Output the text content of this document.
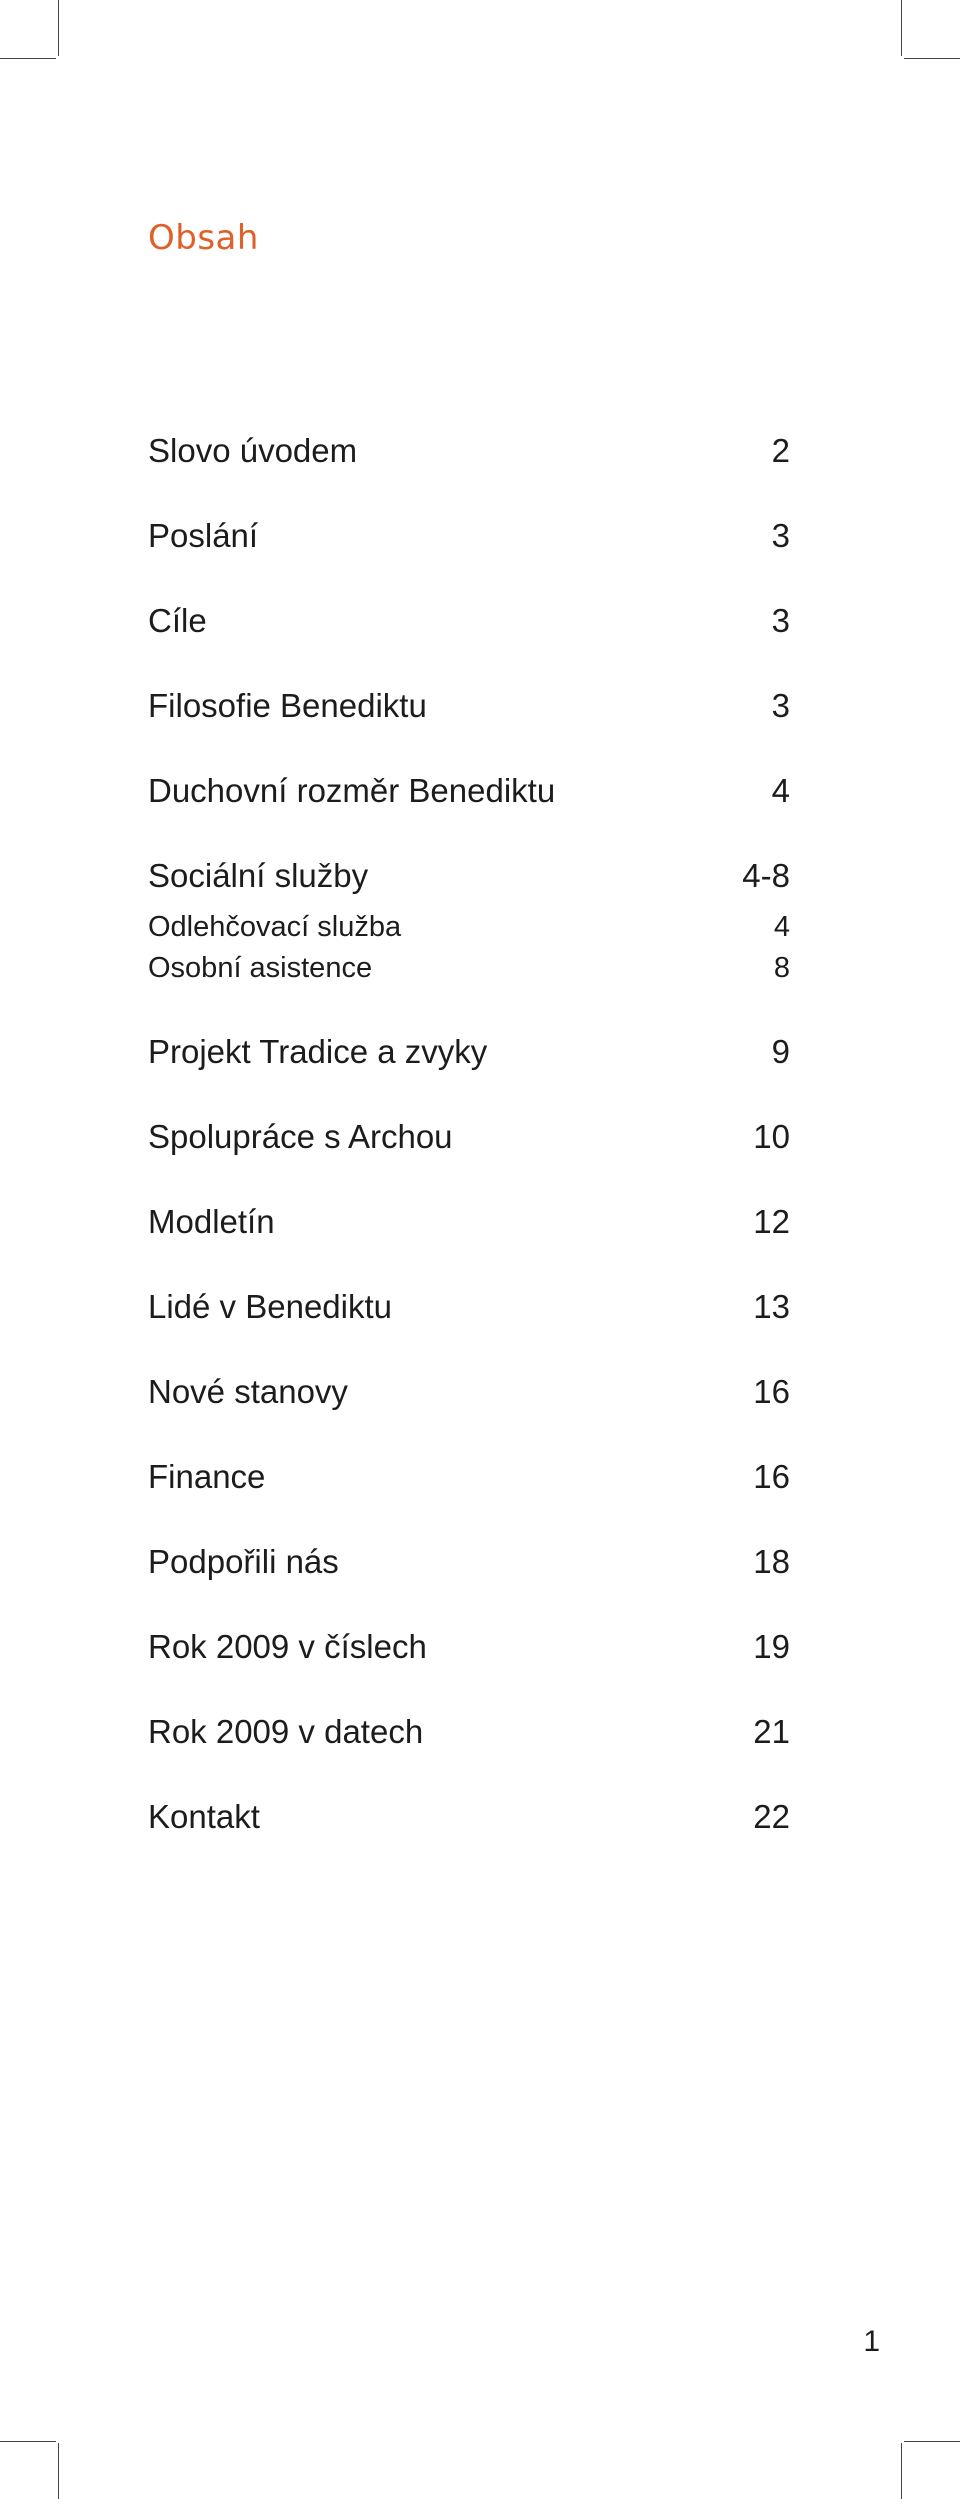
Obsah
Slovo úvodem	2
Poslání	3
Cíle	3
Filosofie Benediktu	3
Duchovní rozměr Benediktu	4
Sociální služby	4-8
Odlehčovací služba	4
Osobní asistence	8
Projekt Tradice a zvyky	9
Spolupráce s Archou	10
Modletín	12
Lidé v Benediktu	13
Nové stanovy	16
Finance	16
Podpořili nás	18
Rok 2009 v číslech	19
Rok 2009 v datech	21
Kontakt	22
1
